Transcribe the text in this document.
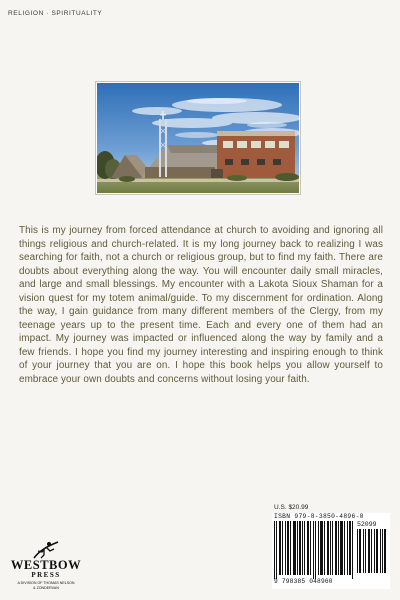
RELIGION · SPIRITUALITY

This is my journey from forced attendance at church to avoiding and ignoring all things religious and church-related. It is my long journey back to realizing I was searching for faith, not a church or religious group, but to find my faith. There are doubts about everything along the way. You will encounter daily small miracles, and large and small blessings. My encounter with a Lakota Sioux Shaman for a vision quest for my totem animal/guide. To my discernment for ordination. Along the way, I gain guidance from many different members of the Clergy, from my teenage years up to the present time. Each and every one of them had an impact. My journey was impacted or influenced along the way by family and a few friends. I hope you find my journey interesting and inspiring enough to think of your journey that you are on. I hope this book helps you allow yourself to embrace your own doubts and concerns without losing your faith.

U.S. $20.99
ISBN 979-8-3850-4896-0
9 798385 048960
52099
WESTBOW
PRESS
A DIVISION OF THOMAS NELSON
& ZONDERVAN
